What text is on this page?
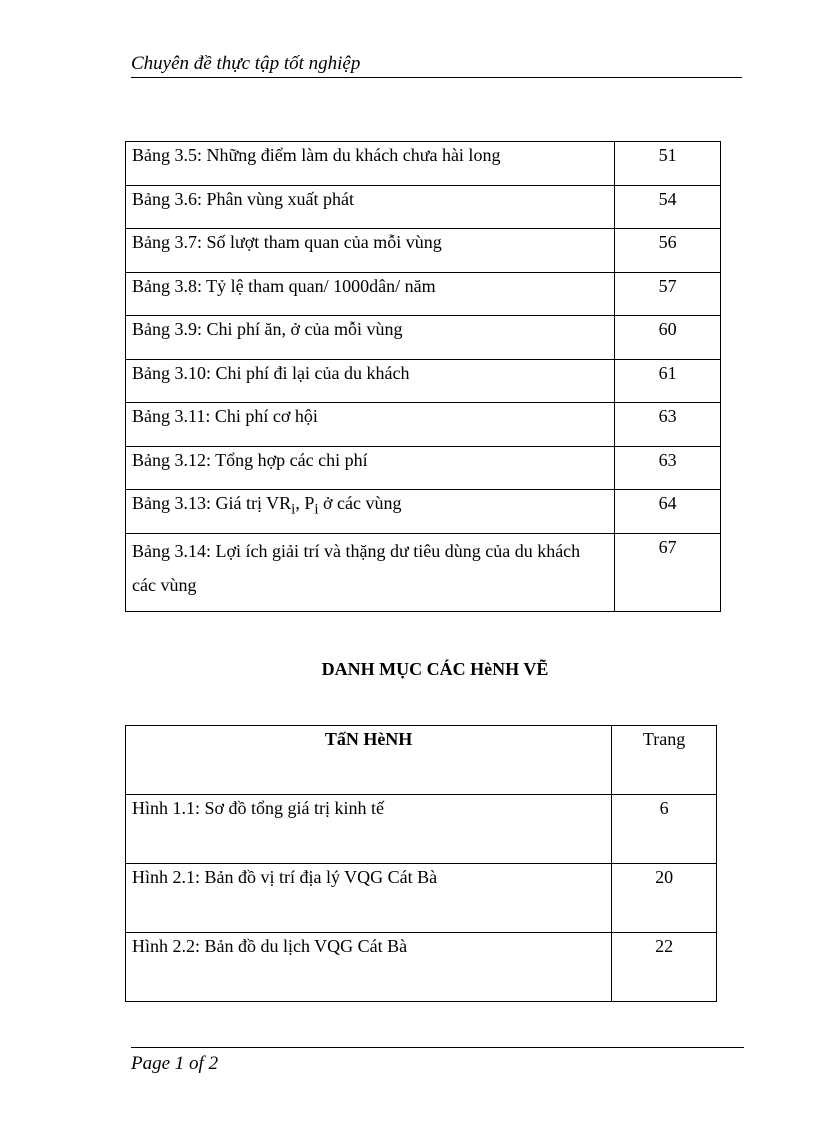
Chuyên đề thực tập tốt nghiệp
Bảng 3.5: Những điểm làm du khách chưa hài long	51
Bảng 3.6: Phân vùng xuất phát	54
Bảng 3.7: Số lượt tham quan của mỗi vùng	56
Bảng 3.8: Tỷ lệ tham quan/ 1000dân/ năm	57
Bảng 3.9: Chi phí ăn, ở của mỗi vùng	60
Bảng 3.10: Chi phí đi lại của du khách	61
Bảng 3.11: Chi phí cơ hội	63
Bảng 3.12: Tổng hợp các chi phí	63
Bảng 3.13: Giá trị $VR_i$, $P_i$ ở các vùng	64
Bảng 3.14: Lợi ích giải trí và thặng dư tiêu dùng của du khách các vùng	67
DANH MỤC CÁC HèNH VẼ
TấN HèNH	Trang
Hình 1.1: Sơ đồ tổng giá trị kinh tế	6
Hình 2.1: Bản đồ vị trí địa lý VQG Cát Bà	20
Hình 2.2: Bản đồ du lịch VQG Cát Bà	22
Page 1 of 2
